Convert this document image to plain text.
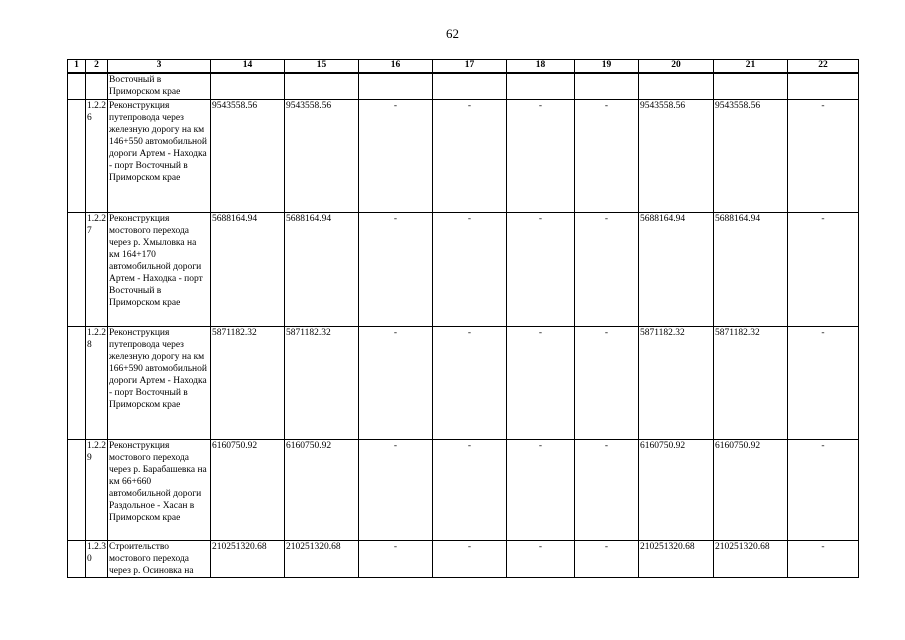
62
1	2	3	14	15	16	17	18	19	20	21	22
		Восточный в Приморском крае									
	1.2.2 6	Реконструкция путепровода через железную дорогу на км 146+550 автомобильной дороги Артем - Находка - порт Восточный в Приморском крае	9543558.56	9543558.56	-	-	-	-	9543558.56	9543558.56	-
	1.2.2 7	Реконструкция мостового перехода через р. Хмыловка на км 164+170 автомобильной дороги Артем - Находка - порт Восточный в Приморском крае	5688164.94	5688164.94	-	-	-	-	5688164.94	5688164.94	-
	1.2.2 8	Реконструкция путепровода через железную дорогу на км 166+590 автомобильной дороги Артем - Находка - порт Восточный в Приморском крае	5871182.32	5871182.32	-	-	-	-	5871182.32	5871182.32	-
	1.2.2 9	Реконструкция мостового перехода через р. Барабашевка на км 66+660 автомобильной дороги Раздольное - Хасан в Приморском крае	6160750.92	6160750.92	-	-	-	-	6160750.92	6160750.92	-
	1.2.3 0	Строительство мостового перехода через р. Осиновка на	210251320.68	210251320.68	-	-	-	-	210251320.68	210251320.68	-
